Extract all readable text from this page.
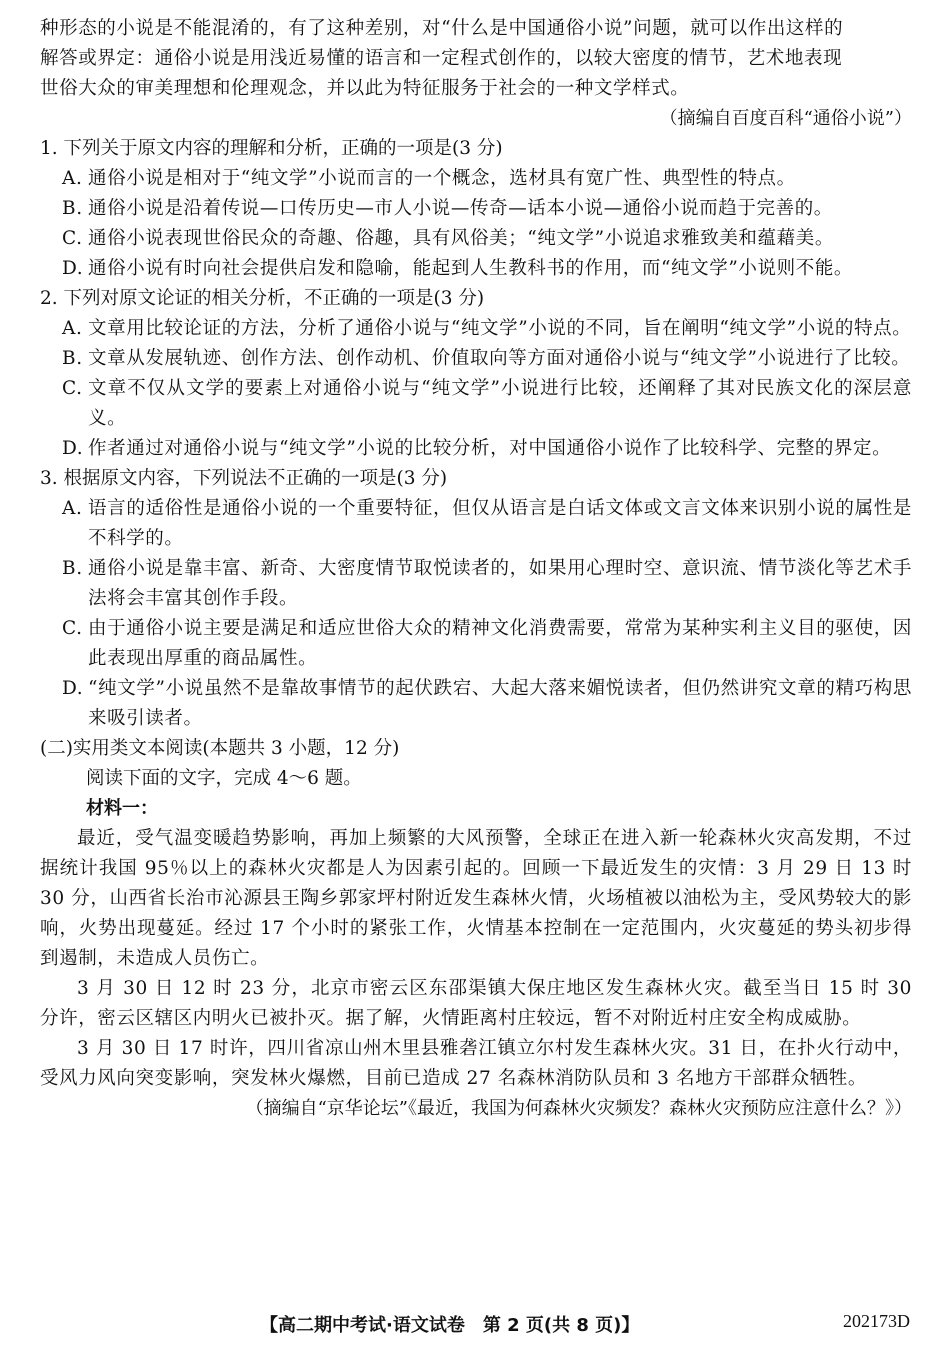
种形态的小说是不能混淆的，有了这种差别，对“什么是中国通俗小说”问题，就可以作出这样的

解答或界定：通俗小说是用浅近易懂的语言和一定程式创作的，以较大密度的情节，艺术地表现

世俗大众的审美理想和伦理观念，并以此为特征服务于社会的一种文学样式。

（摘编自百度百科“通俗小说”）

1. 下列关于原文内容的理解和分析，正确的一项是(3 分)

A. 通俗小说是相对于“纯文学”小说而言的一个概念，选材具有宽广性、典型性的特点。

B. 通俗小说是沿着传说—口传历史—市人小说—传奇—话本小说—通俗小说而趋于完善的。

C. 通俗小说表现世俗民众的奇趣、俗趣，具有风俗美；“纯文学”小说追求雅致美和蕴藉美。

D. 通俗小说有时向社会提供启发和隐喻，能起到人生教科书的作用，而“纯文学”小说则不能。

2. 下列对原文论证的相关分析，不正确的一项是(3 分)

A. 文章用比较论证的方法，分析了通俗小说与“纯文学”小说的不同，旨在阐明“纯文学”小说的特点。

B. 文章从发展轨迹、创作方法、创作动机、价值取向等方面对通俗小说与“纯文学”小说进行了比较。

C. 文章不仅从文学的要素上对通俗小说与“纯文学”小说进行比较，还阐释了其对民族文化的深层意义。

D. 作者通过对通俗小说与“纯文学”小说的比较分析，对中国通俗小说作了比较科学、完整的界定。

3. 根据原文内容，下列说法不正确的一项是(3 分)

A. 语言的适俗性是通俗小说的一个重要特征，但仅从语言是白话文体或文言文体来识别小说的属性是不科学的。

B. 通俗小说是靠丰富、新奇、大密度情节取悦读者的，如果用心理时空、意识流、情节淡化等艺术手法将会丰富其创作手段。

C. 由于通俗小说主要是满足和适应世俗大众的精神文化消费需要，常常为某种实利主义目的驱使，因此表现出厚重的商品属性。

D. “纯文学”小说虽然不是靠故事情节的起伏跌宕、大起大落来媚悦读者，但仍然讲究文章的精巧构思来吸引读者。

(二)实用类文本阅读(本题共 3 小题，12 分)

阅读下面的文字，完成 4～6 题。

材料一：

最近，受气温变暖趋势影响，再加上频繁的大风预警，全球正在进入新一轮森林火灾高发期，不过据统计我国 95％以上的森林火灾都是人为因素引起的。回顾一下最近发生的灾情：3 月 29 日 13 时 30 分，山西省长治市沁源县王陶乡郭家坪村附近发生森林火情，火场植被以油松为主，受风势较大的影响，火势出现蔓延。经过 17 个小时的紧张工作，火情基本控制在一定范围内，火灾蔓延的势头初步得到遏制，未造成人员伤亡。

3 月 30 日 12 时 23 分，北京市密云区东邵渠镇大保庄地区发生森林火灾。截至当日 15 时 30 分许，密云区辖区内明火已被扑灭。据了解，火情距离村庄较远，暂不对附近村庄安全构成威胁。

3 月 30 日 17 时许，四川省凉山州木里县雅砻江镇立尔村发生森林火灾。31 日，在扑火行动中，受风力风向突变影响，突发林火爆燃，目前已造成 27 名森林消防队员和 3 名地方干部群众牺牲。

（摘编自“京华论坛”《最近，我国为何森林火灾频发？森林火灾预防应注意什么？》）

【高二期中考试·语文试卷　第 2 页(共 8 页)】	202173D
